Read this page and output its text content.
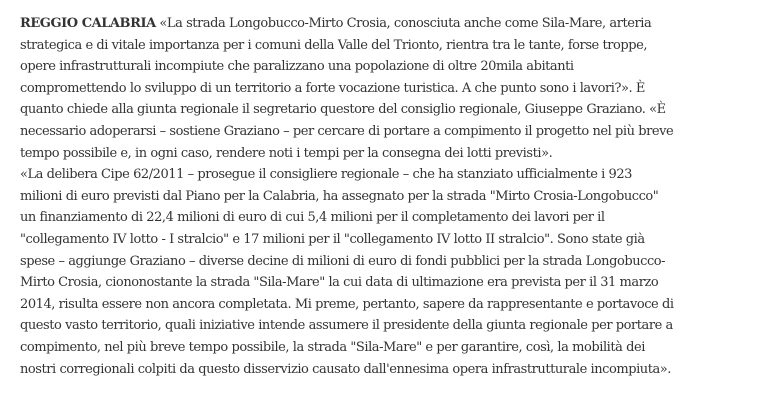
REGGIO CALABRIA «La strada Longobucco-Mirto Crosia, conosciuta anche come Sila-Mare, arteria
strategica e di vitale importanza per i comuni della Valle del Trionto, rientra tra le tante, forse troppe,
opere infrastrutturali incompiute che paralizzano una popolazione di oltre 20mila abitanti
compromettendo lo sviluppo di un territorio a forte vocazione turistica. A che punto sono i lavori?». È
quanto chiede alla giunta regionale il segretario questore del consiglio regionale, Giuseppe Graziano. «È
necessario adoperarsi – sostiene Graziano – per cercare di portare a compimento il progetto nel più breve
tempo possibile e, in ogni caso, rendere noti i tempi per la consegna dei lotti previsti».
«La delibera Cipe 62/2011 – prosegue il consigliere regionale – che ha stanziato ufficialmente i 923
milioni di euro previsti dal Piano per la Calabria, ha assegnato per la strada "Mirto Crosia-Longobucco"
un finanziamento di 22,4 milioni di euro di cui 5,4 milioni per il completamento dei lavori per il
"collegamento IV lotto - I stralcio" e 17 milioni per il "collegamento IV lotto II stralcio". Sono state già
spese – aggiunge Graziano – diverse decine di milioni di euro di fondi pubblici per la strada Longobucco-
Mirto Crosia, ciononostante la strada "Sila-Mare" la cui data di ultimazione era prevista per il 31 marzo
2014, risulta essere non ancora completata. Mi preme, pertanto, sapere da rappresentante e portavoce di
questo vasto territorio, quali iniziative intende assumere il presidente della giunta regionale per portare a
compimento, nel più breve tempo possibile, la strada "Sila-Mare" e per garantire, così, la mobilità dei
nostri corregionali colpiti da questo disservizio causato dall'ennesima opera infrastrutturale incompiuta».
